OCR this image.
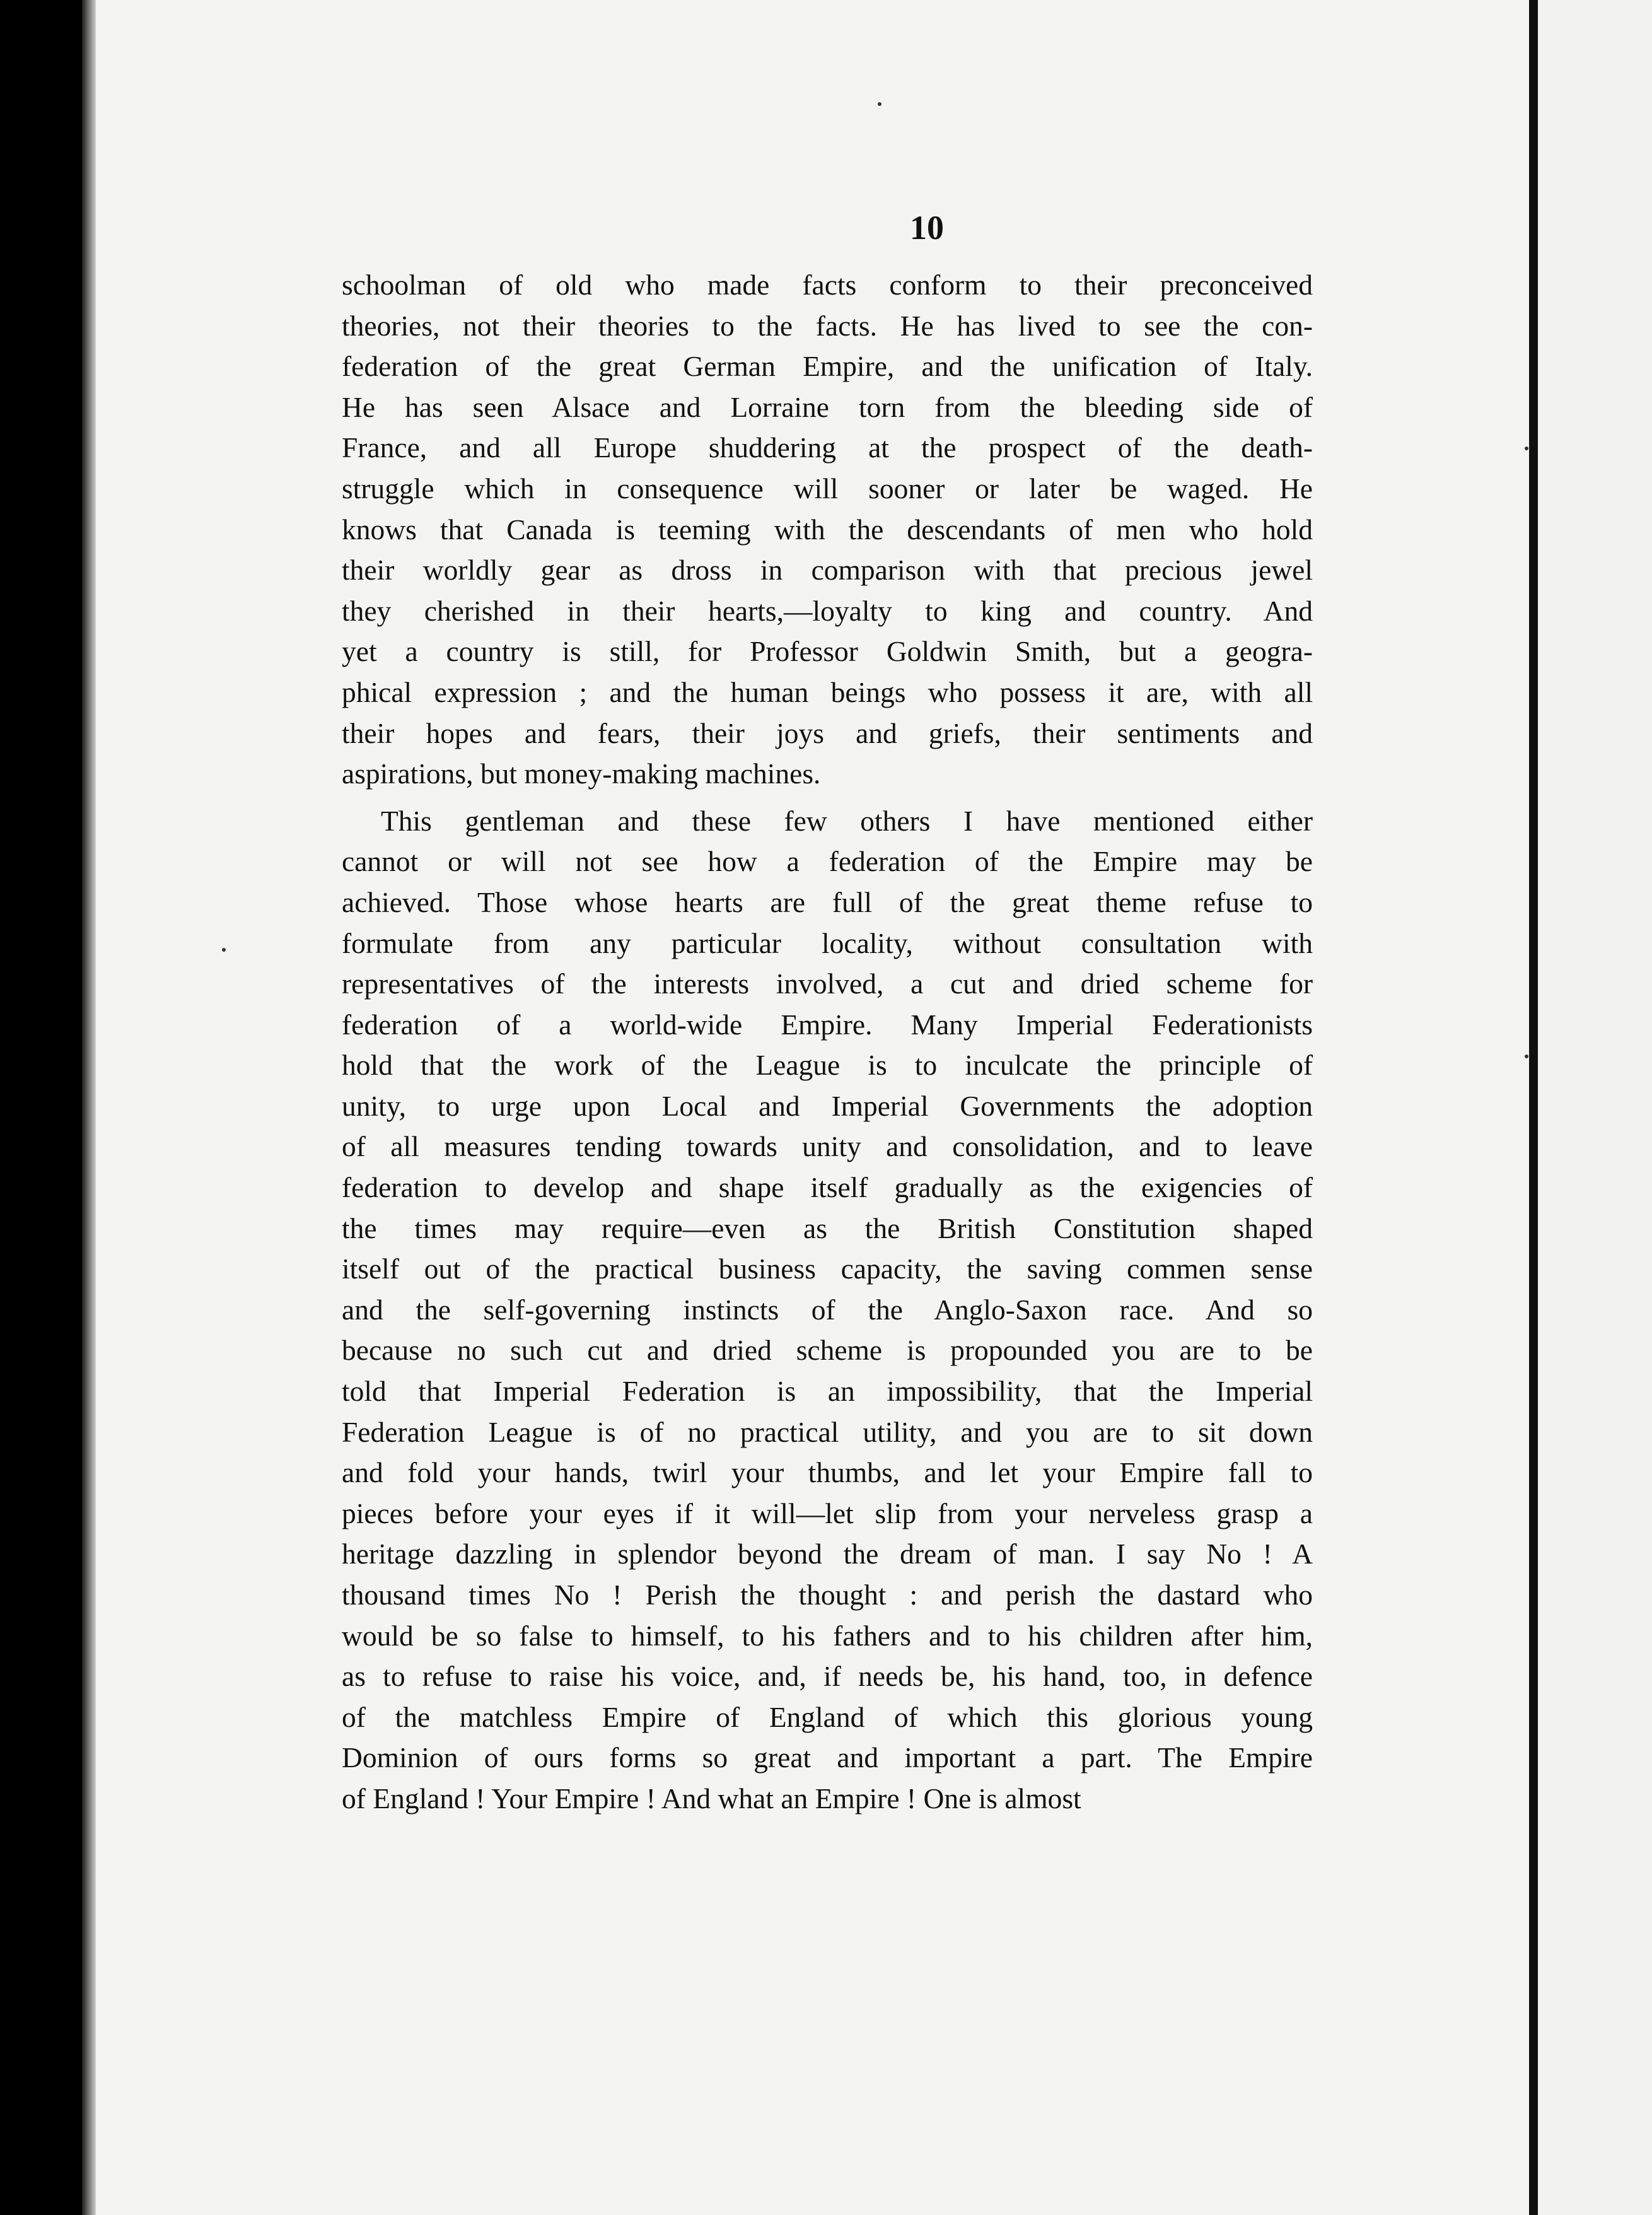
10

schoolman of old who made facts conform to their preconceived
theories, not their theories to the facts. He has lived to see the con-
federation of the great German Empire, and the unification of Italy.
He has seen Alsace and Lorraine torn from the bleeding side of
France, and all Europe shuddering at the prospect of the death-
struggle which in consequence will sooner or later be waged. He
knows that Canada is teeming with the descendants of men who hold
their worldly gear as dross in comparison with that precious jewel
they cherished in their hearts,—loyalty to king and country. And
yet a country is still, for Professor Goldwin Smith, but a geogra-
phical expression ; and the human beings who possess it are, with all
their hopes and fears, their joys and griefs, their sentiments and
aspirations, but money-making machines.

This gentleman and these few others I have mentioned either
cannot or will not see how a federation of the Empire may be
achieved. Those whose hearts are full of the great theme refuse to
formulate from any particular locality, without consultation with
representatives of the interests involved, a cut and dried scheme for
federation of a world-wide Empire. Many Imperial Federationists
hold that the work of the League is to inculcate the principle of
unity, to urge upon Local and Imperial Governments the adoption
of all measures tending towards unity and consolidation, and to leave
federation to develop and shape itself gradually as the exigencies of
the times may require—even as the British Constitution shaped
itself out of the practical business capacity, the saving commen sense
and the self-governing instincts of the Anglo-Saxon race. And so
because no such cut and dried scheme is propounded you are to be
told that Imperial Federation is an impossibility, that the Imperial
Federation League is of no practical utility, and you are to sit down
and fold your hands, twirl your thumbs, and let your Empire fall to
pieces before your eyes if it will—let slip from your nerveless grasp a
heritage dazzling in splendor beyond the dream of man. I say No ! A
thousand times No ! Perish the thought : and perish the dastard who
would be so false to himself, to his fathers and to his children after him,
as to refuse to raise his voice, and, if needs be, his hand, too, in defence
of the matchless Empire of England of which this glorious young
Dominion of ours forms so great and important a part. The Empire
of England ! Your Empire ! And what an Empire ! One is almost
